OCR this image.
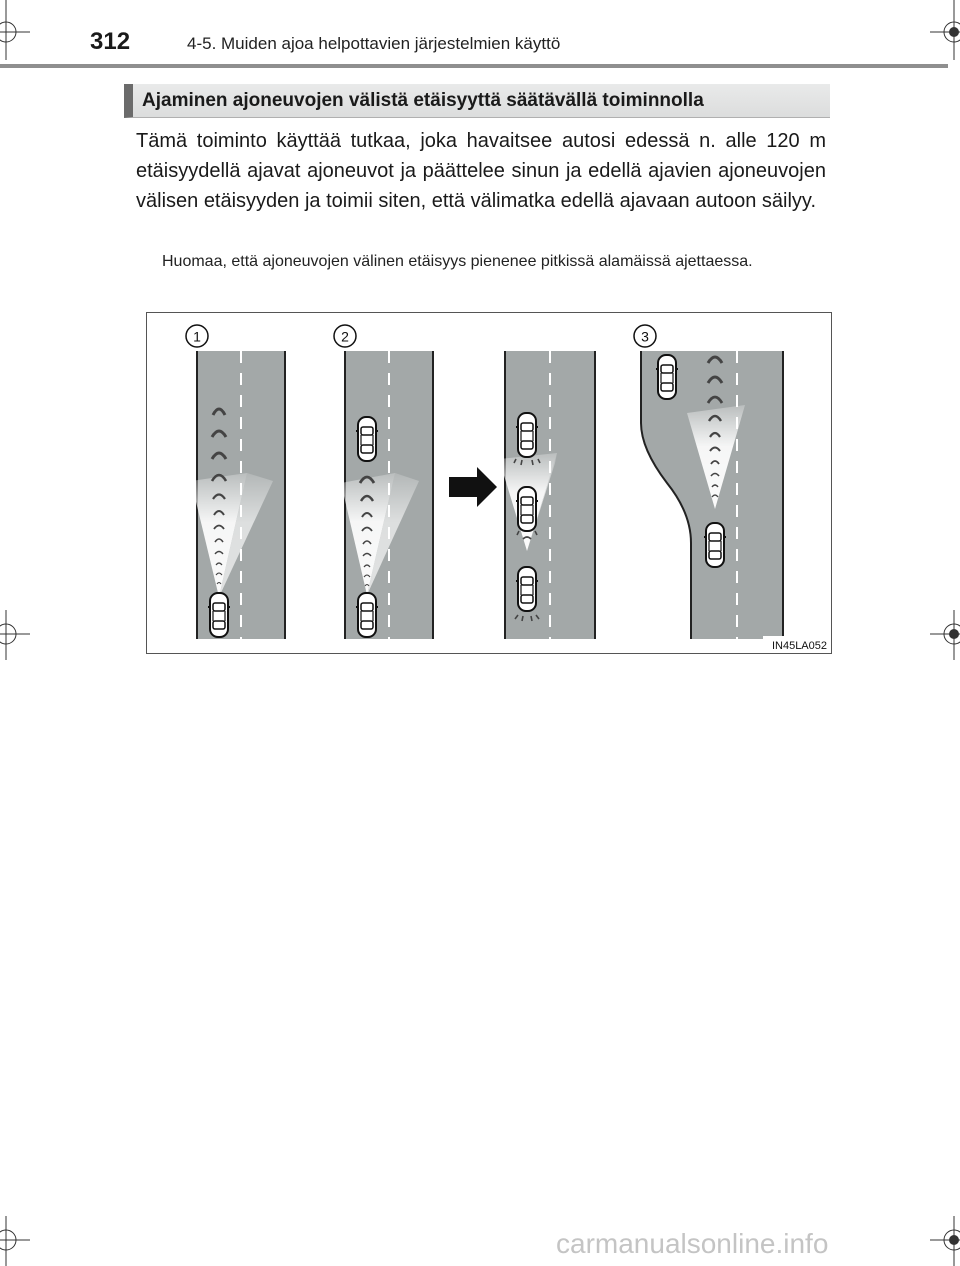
312	4-5. Muiden ajoa helpottavien järjestelmien käyttö
Ajaminen ajoneuvojen välistä etäisyyttä säätävällä toiminnolla
Tämä toiminto käyttää tutkaa, joka havaitsee autosi edessä n. alle 120 m etäisyydellä ajavat ajoneuvot ja päättelee sinun ja edellä ajavien ajoneuvojen välisen etäisyyden ja toimii siten, että välimatka edellä ajavaan autoon säilyy.
Huomaa, että ajoneuvojen välinen etäisyys pienenee pitkissä alamäissä ajettaessa.
1	2	3
IN45LA052
carmanualsonline.info
